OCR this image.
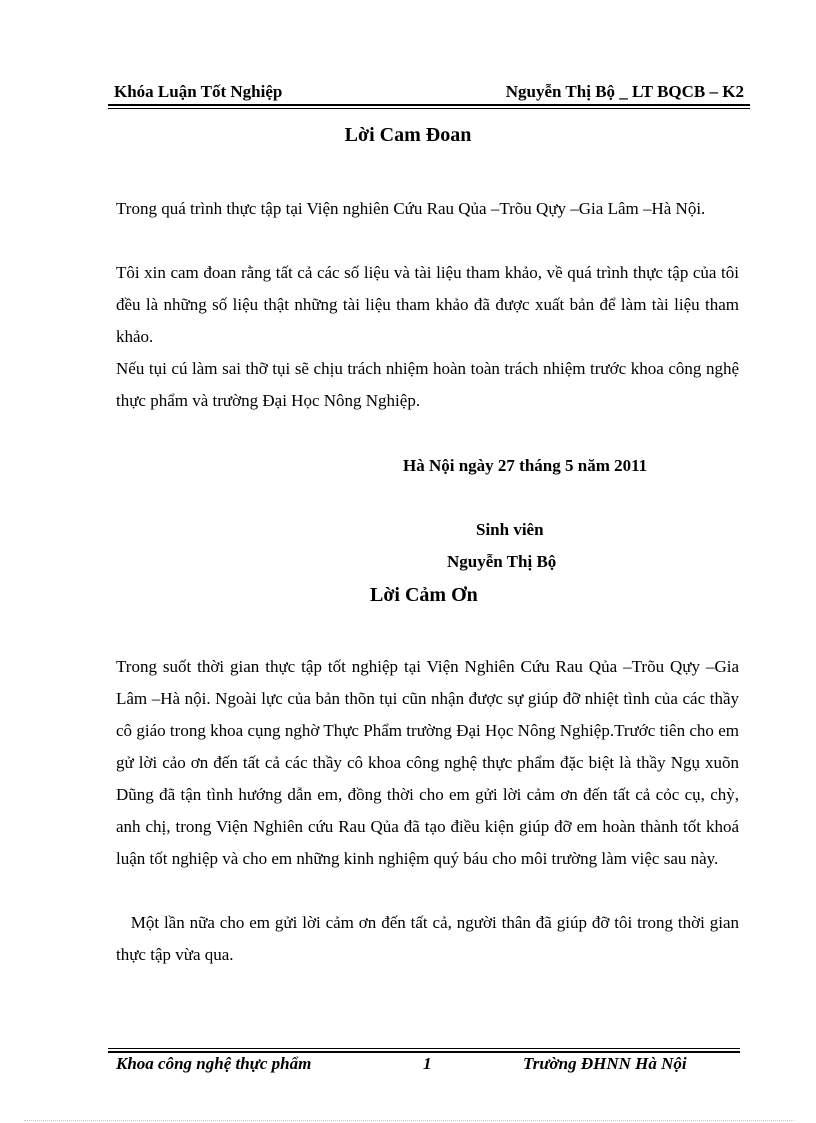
Khóa Luận Tốt Nghiệp	Nguyễn Thị Bộ _ LT BQCB – K2
Lời Cam Đoan
Trong quá trình thực tập tại Viện nghiên Cứu Rau Qủa –Trõu Qựy –Gia Lâm –Hà Nội.
Tôi xin cam đoan rằng tất cả các số liệu và tài liệu tham khảo, về quá trình thực tập của tôi đều là những số liệu thật những tài liệu tham khảo đã được xuất bản để làm tài liệu tham khảo.
Nếu tụi cú làm sai thỡ tụi sẽ chịu trách nhiệm hoàn toàn trách nhiệm trước khoa công nghệ thực phẩm và trường Đại Học Nông Nghiệp.
Hà Nội ngày 27 tháng 5 năm 2011
Sinh viên
Nguyễn Thị Bộ
Lời Cảm Ơn
Trong suốt thời gian thực tập tốt nghiệp tại Viện Nghiên Cứu Rau Qủa –Trõu Qựy –Gia Lâm –Hà nội. Ngoài lực của bản thõn tụi cũn nhận được sự giúp đỡ nhiệt tình của các thầy cô giáo trong khoa cụng nghờ Thực Phẩm trường Đại Học Nông Nghiệp.Trước tiên cho em gử lời cảo ơn đến tất cả các thầy cô khoa công nghệ thực phẩm đặc biệt là thầy Ngụ xuõn Dũng đã tận tình hướng dẫn em, đồng thời cho em gửi lời cảm ơn đến tất cả cỏc cụ, chỳ, anh chị, trong Viện Nghiên cứu Rau Qủa đã tạo điều kiện giúp đỡ em hoàn thành tốt khoá luận tốt nghiệp và cho em những kinh nghiệm quý báu cho môi trường làm việc sau này.
Một lần nữa cho em gửi lời cảm ơn đến tất cả, người thân đã giúp đỡ tôi trong thời gian thực tập vừa qua.
Khoa công nghệ thực phẩm	1	Trường ĐHNN Hà Nội
